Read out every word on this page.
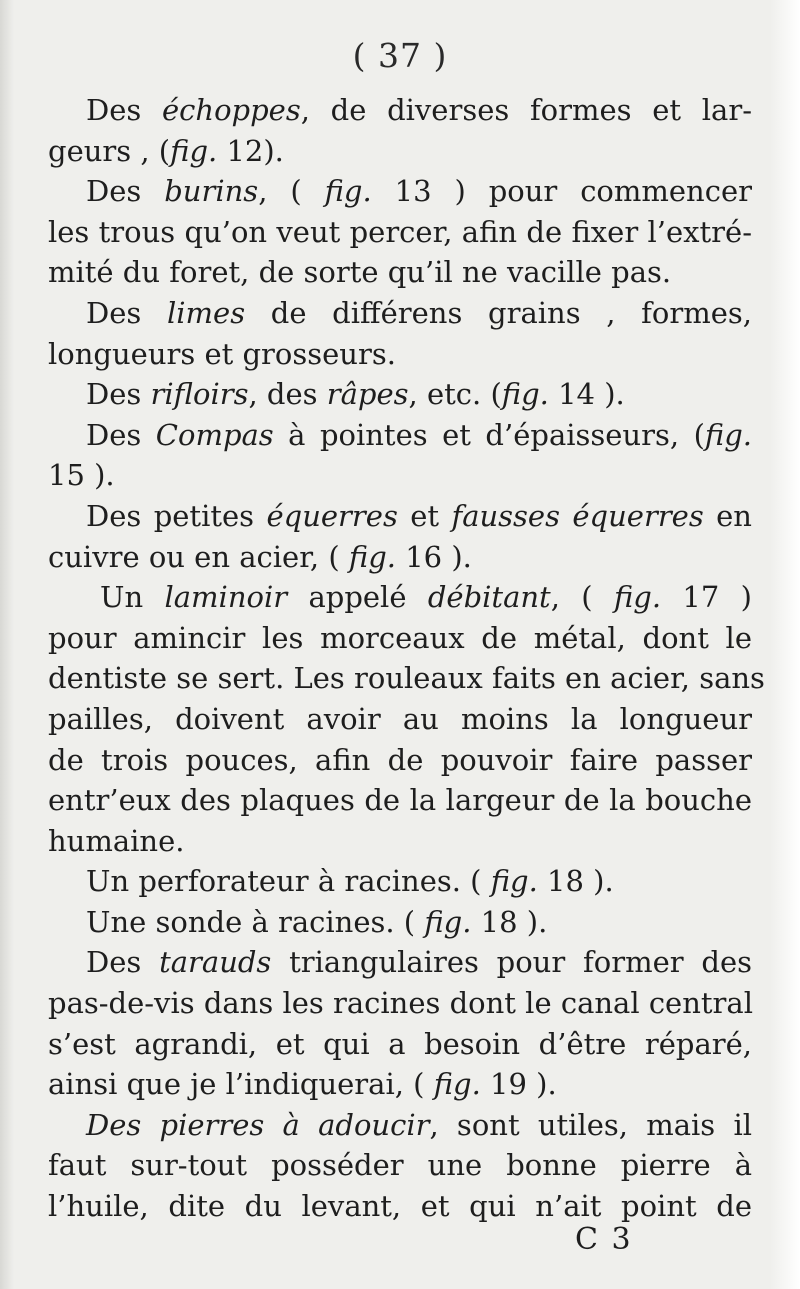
( 37 )
Des échoppes, de diverses formes et lar-
geurs , (fig. 12).
Des burins, ( fig. 13 ) pour commencer
les trous qu’on veut percer, afin de fixer l’extré-
mité du foret, de sorte qu’il ne vacille pas.
Des limes de différens grains , formes,
longueurs et grosseurs.
Des rifloirs, des râpes, etc. (fig. 14 ).
Des Compas à pointes et d’épaisseurs, (fig.
15 ).
Des petites équerres et fausses équerres en
cuivre ou en acier, ( fig. 16 ).
Un laminoir appelé débitant, ( fig. 17 )
pour amincir les morceaux de métal, dont le
dentiste se sert. Les rouleaux faits en acier, sans
pailles, doivent avoir au moins la longueur
de trois pouces, afin de pouvoir faire passer
entr’eux des plaques de la largeur de la bouche
humaine.
Un perforateur à racines. ( fig. 18 ).
Une sonde à racines. ( fig. 18 ).
Des tarauds triangulaires pour former des
pas-de-vis dans les racines dont le canal central
s’est agrandi, et qui a besoin d’être réparé,
ainsi que je l’indiquerai, ( fig. 19 ).
Des pierres à adoucir, sont utiles, mais il
faut sur-tout posséder une bonne pierre à
l’huile, dite du levant, et qui n’ait point de
C 3
